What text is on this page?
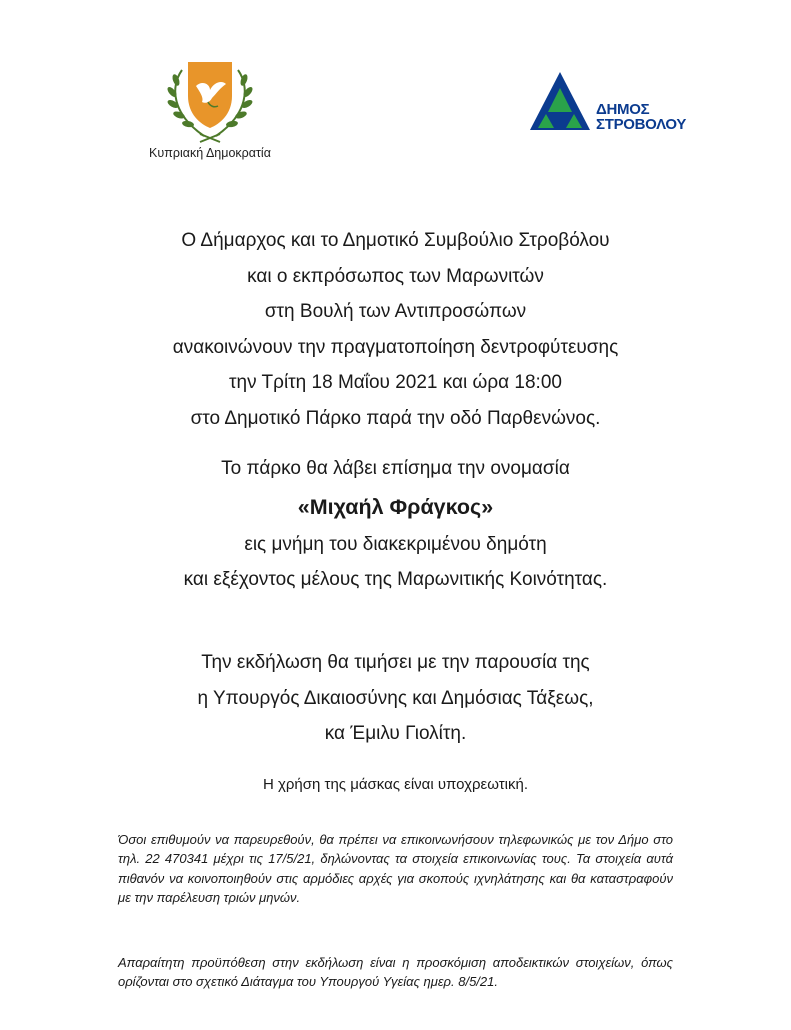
Κυπριακή Δημοκρατία
ΔΗΜΟΣ
ΣΤΡΟΒΟΛΟΥ

Ο Δήμαρχος και το Δημοτικό Συμβούλιο Στροβόλου

και ο εκπρόσωπος των Μαρωνιτών

στη Βουλή των Αντιπροσώπων

ανακοινώνουν την πραγματοποίηση δεντροφύτευσης

την Τρίτη 18 Μαΐου 2021 και ώρα 18:00

στο Δημοτικό Πάρκο παρά την οδό Παρθενώνος.

Το πάρκο θα λάβει επίσημα την ονομασία

«Μιχαήλ Φράγκος»

εις μνήμη του διακεκριμένου δημότη

και εξέχοντος μέλους της Μαρωνιτικής Κοινότητας.

Την εκδήλωση θα τιμήσει με την παρουσία της

η Υπουργός Δικαιοσύνης και Δημόσιας Τάξεως,

κα Έμιλυ Γιολίτη.

Η χρήση της μάσκας είναι υποχρεωτική.
Όσοι επιθυμούν να παρευρεθούν, θα πρέπει να επικοινωνήσουν τηλεφωνικώς με τον Δήμο στο τηλ. 22 470341 μέχρι τις 17/5/21, δηλώνοντας τα στοιχεία επικοινωνίας τους. Τα στοιχεία αυτά πιθανόν να κοινοποιηθούν στις αρμόδιες αρχές για σκοπούς ιχνηλάτησης και θα καταστραφούν με την παρέλευση τριών μηνών.
Απαραίτητη προϋπόθεση στην εκδήλωση είναι η προσκόμιση αποδεικτικών στοιχείων, όπως ορίζονται στο σχετικό Διάταγμα του Υπουργού Υγείας ημερ. 8/5/21.
